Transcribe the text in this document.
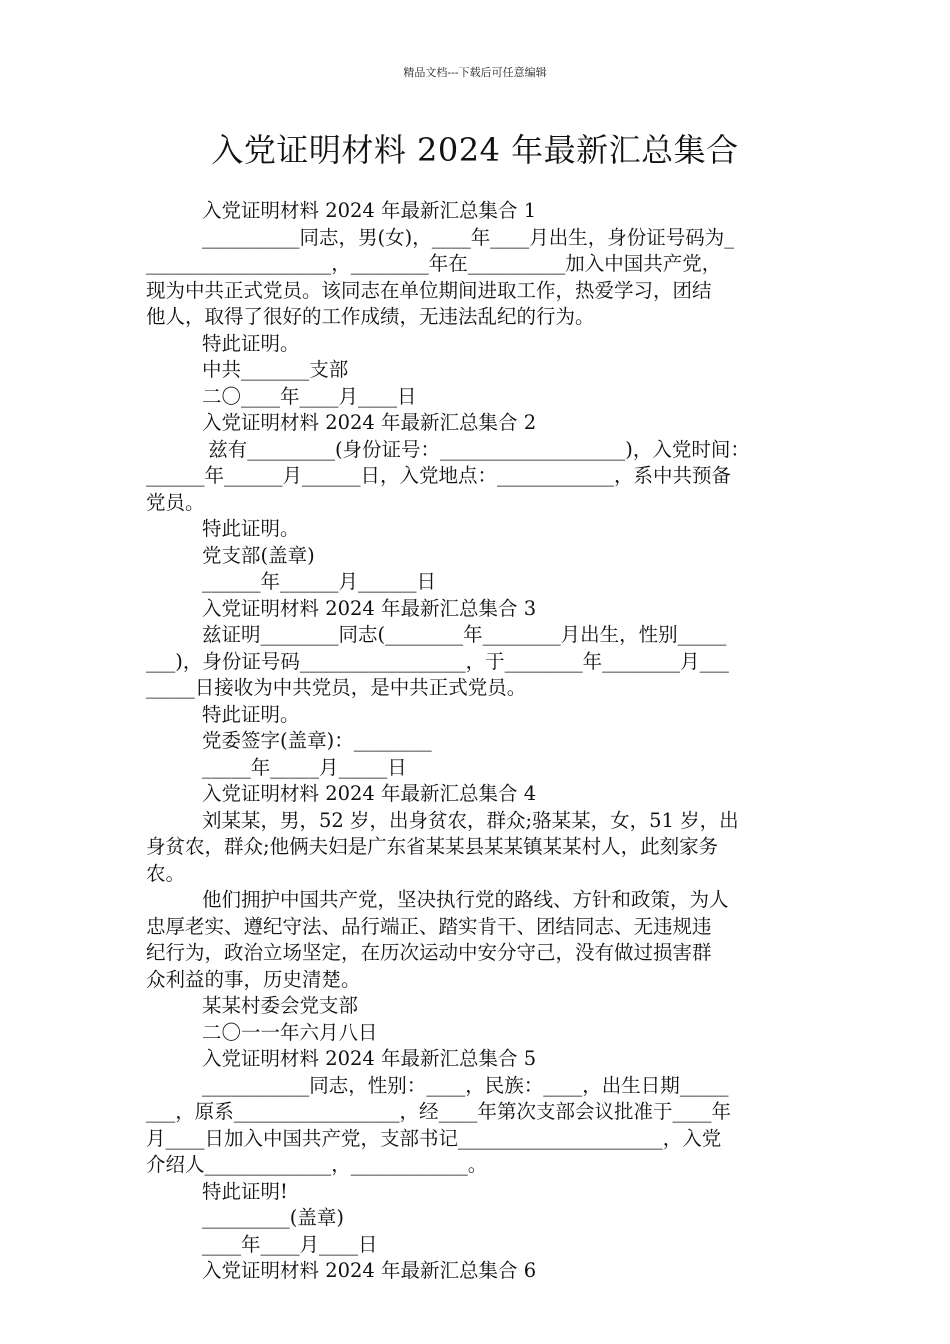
精品文档---下载后可任意编辑
入党证明材料 2024 年最新汇总集合

入党证明材料 2024 年最新汇总集合 1

__________同志，男(女)，____年____月出生，身份证号码为_

___________________，________年在__________加入中国共产党，

现为中共正式党员。该同志在单位期间进取工作，热爱学习，团结

他人，取得了很好的工作成绩，无违法乱纪的行为。

特此证明。

中共_______支部

二〇____年____月____日

入党证明材料 2024 年最新汇总集合 2

兹有_________(身份证号：___________________)，入党时间：

______年______月______日，入党地点：____________，系中共预备

党员。

特此证明。

党支部(盖章)

______年______月______日

入党证明材料 2024 年最新汇总集合 3

兹证明________同志(________年________月出生，性别_____

___)，身份证号码_________________，于________年________月___

_____日接收为中共党员，是中共正式党员。

特此证明。

党委签字(盖章)：________

_____年_____月_____日

入党证明材料 2024 年最新汇总集合 4

刘某某，男，52 岁，出身贫农，群众;骆某某，女，51 岁，出

身贫农，群众;他俩夫妇是广东省某某县某某镇某某村人，此刻家务

农。

他们拥护中国共产党，坚决执行党的路线、方针和政策，为人

忠厚老实、遵纪守法、品行端正、踏实肯干、团结同志、无违规违

纪行为，政治立场坚定，在历次运动中安分守己，没有做过损害群

众利益的事，历史清楚。

某某村委会党支部

二〇一一年六月八日

入党证明材料 2024 年最新汇总集合 5

___________同志，性别：____，民族：____，出生日期_____

___，原系_________________，经____年第次支部会议批准于____年

月____日加入中国共产党，支部书记_____________________，入党

介绍人_____________，____________。

特此证明!

_________(盖章)

____年____月____日

入党证明材料 2024 年最新汇总集合 6
